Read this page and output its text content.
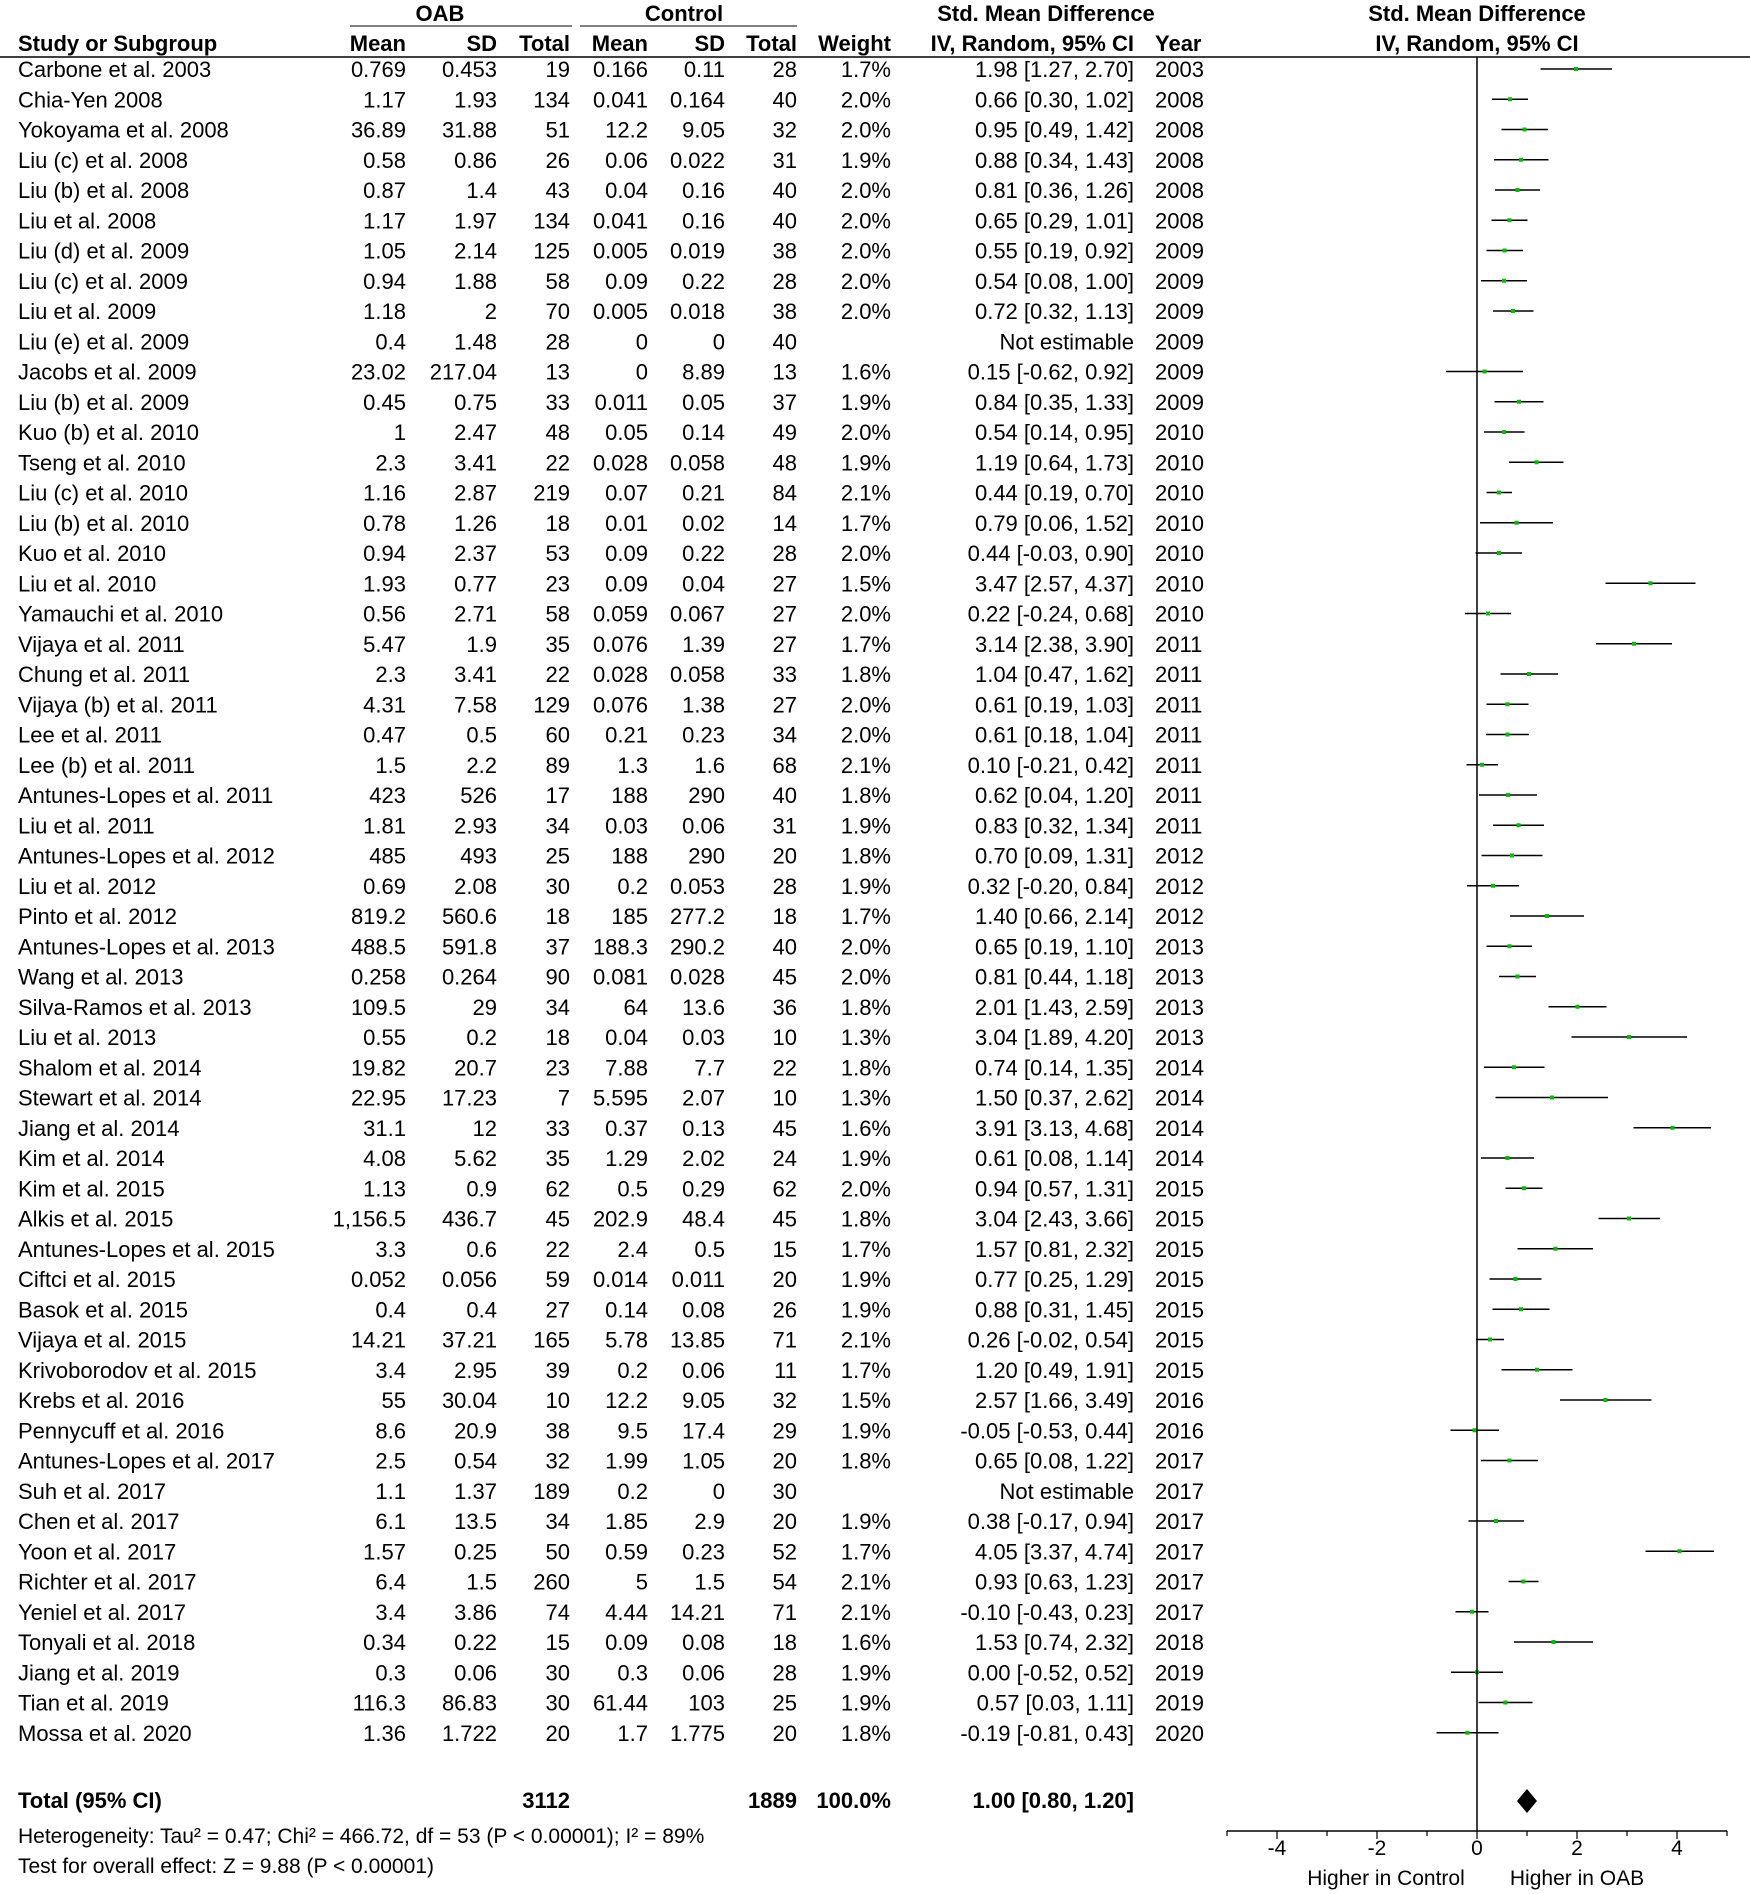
OAB	Control	Std. Mean Difference	Std. Mean Difference
Study or Subgroup	Mean	SD Total Mean SD Total Weight IV, Random, 95% CI Year	IV, Random, 95% CI
Carbone et al. 2003	0.769 0.453 19 0.166 0.11 28 1.7%	1.98 [1.27, 2.70] 2003
Chia-Yen 2008	1.17 1.93 134 0.041 0.164 40 2.0%	0.66 [0.30, 1.02] 2008
Yokoyama et al. 2008	36.89 31.88 51 12.2 9.05 32 2.0%	0.95 [0.49, 1.42] 2008
Liu (c) et al. 2008	0.58 0.86 26 0.06 0.022 31 1.9%	0.88 [0.34, 1.43] 2008
Liu (b) et al. 2008	0.87	1.4 43 0.04 0.16 40 2.0%	0.81 [0.36, 1.26] 2008
Liu et al. 2008	1.17 1.97 134 0.041 0.16 40 2.0%	0.65 [0.29, 1.01] 2008
Liu (d) et al. 2009	1.05 2.14 125 0.005 0.019 38 2.0%	0.55 [0.19, 0.92] 2009
Liu (c) et al. 2009	0.94 1.88 58 0.09 0.22 28 2.0%	0.54 [0.08, 1.00] 2009
Liu et al. 2009	1.18	2 70 0.005 0.018 38 2.0%	0.72 [0.32, 1.13] 2009
Liu (e) et al. 2009	0.4 1.48 28	0	0 40	Not estimable 2009
Jacobs et al. 2009	23.02 217.04 13	0 8.89 13 1.6%	0.15 [-0.62, 0.92] 2009
Liu (b) et al. 2009	0.45 0.75 33 0.011 0.05 37 1.9%	0.84 [0.35, 1.33] 2009
Kuo (b) et al. 2010	1 2.47 48 0.05 0.14 49 2.0%	0.54 [0.14, 0.95] 2010
Tseng et al. 2010	2.3 3.41 22 0.028 0.058 48 1.9%	1.19 [0.64, 1.73] 2010
Liu (c) et al. 2010	1.16 2.87 219 0.07 0.21 84 2.1%	0.44 [0.19, 0.70] 2010
Liu (b) et al. 2010	0.78 1.26 18 0.01 0.02 14 1.7%	0.79 [0.06, 1.52] 2010
Kuo et al. 2010	0.94 2.37 53 0.09 0.22 28 2.0%	0.44 [-0.03, 0.90] 2010
Liu et al. 2010	1.93 0.77 23 0.09 0.04 27 1.5%	3.47 [2.57, 4.37] 2010
Yamauchi et al. 2010	0.56 2.71 58 0.059 0.067 27 2.0%	0.22 [-0.24, 0.68] 2010
Vijaya et al. 2011	5.47	1.9 35 0.076 1.39 27 1.7%	3.14 [2.38, 3.90] 2011
Chung et al. 2011	2.3 3.41 22 0.028 0.058 33 1.8%	1.04 [0.47, 1.62] 2011
Vijaya (b) et al. 2011	4.31 7.58 129 0.076 1.38 27 2.0%	0.61 [0.19, 1.03] 2011
Lee et al. 2011	0.47	0.5 60 0.21 0.23 34 2.0%	0.61 [0.18, 1.04] 2011
Lee (b) et al. 2011	1.5	2.2 89 1.3 1.6 68 2.1%	0.10 [-0.21, 0.42] 2011
Antunes-Lopes et al. 2011	423 526 17 188 290 40 1.8%	0.62 [0.04, 1.20] 2011
Liu et al. 2011	1.81 2.93 34 0.03 0.06 31 1.9%	0.83 [0.32, 1.34] 2011
Antunes-Lopes et al. 2012	485 493 25 188 290 20 1.8%	0.70 [0.09, 1.31] 2012
Liu et al. 2012	0.69 2.08 30 0.2 0.053 28 1.9%	0.32 [-0.20, 0.84] 2012
Pinto et al. 2012	819.2 560.6 18 185 277.2 18 1.7%	1.40 [0.66, 2.14] 2012
Antunes-Lopes et al. 2013	488.5 591.8 37 188.3 290.2 40 2.0%	0.65 [0.19, 1.10] 2013
Wang et al. 2013	0.258 0.264 90 0.081 0.028 45 2.0%	0.81 [0.44, 1.18] 2013
Silva-Ramos et al. 2013	109.5	29 34 64 13.6 36 1.8%	2.01 [1.43, 2.59] 2013
Liu et al. 2013	0.55	0.2 18 0.04 0.03 10 1.3%	3.04 [1.89, 4.20] 2013
Shalom et al. 2014	19.82 20.7 23 7.88 7.7 22 1.8%	0.74 [0.14, 1.35] 2014
Stewart et al. 2014	22.95 17.23	7 5.595 2.07 10 1.3%	1.50 [0.37, 2.62] 2014
Jiang et al. 2014	31.1	12 33 0.37 0.13 45 1.6%	3.91 [3.13, 4.68] 2014
Kim et al. 2014	4.08 5.62 35 1.29 2.02 24 1.9%	0.61 [0.08, 1.14] 2014
Kim et al. 2015	1.13	0.9 62 0.5 0.29 62 2.0%	0.94 [0.57, 1.31] 2015
Alkis et al. 2015	1,156.5 436.7 45 202.9 48.4 45 1.8%	3.04 [2.43, 3.66] 2015
Antunes-Lopes et al. 2015	3.3	0.6 22 2.4 0.5 15 1.7%	1.57 [0.81, 2.32] 2015
Ciftci et al. 2015	0.052 0.056 59 0.014 0.011 20 1.9%	0.77 [0.25, 1.29] 2015
Basok et al. 2015	0.4	0.4 27 0.14 0.08 26 1.9%	0.88 [0.31, 1.45] 2015
Vijaya et al. 2015	14.21 37.21 165 5.78 13.85 71 2.1%	0.26 [-0.02, 0.54] 2015
Krivoborodov et al. 2015	3.4 2.95 39 0.2 0.06 11 1.7%	1.20 [0.49, 1.91] 2015
Krebs et al. 2016	55 30.04 10 12.2 9.05 32 1.5%	2.57 [1.66, 3.49] 2016
Pennycuff et al. 2016	8.6 20.9 38 9.5 17.4 29 1.9%	-0.05 [-0.53, 0.44] 2016
Antunes-Lopes et al. 2017	2.5 0.54 32 1.99 1.05 20 1.8%	0.65 [0.08, 1.22] 2017
Suh et al. 2017	1.1 1.37 189 0.2	0 30	Not estimable 2017
Chen et al. 2017	6.1 13.5 34 1.85 2.9 20 1.9%	0.38 [-0.17, 0.94] 2017
Yoon et al. 2017	1.57 0.25 50 0.59 0.23 52 1.7%	4.05 [3.37, 4.74] 2017
Richter et al. 2017	6.4	1.5 260	5 1.5 54 2.1%	0.93 [0.63, 1.23] 2017
Yeniel et al. 2017	3.4 3.86 74 4.44 14.21 71 2.1%	-0.10 [-0.43, 0.23] 2017
Tonyali et al. 2018	0.34 0.22 15 0.09 0.08 18 1.6%	1.53 [0.74, 2.32] 2018
Jiang et al. 2019	0.3 0.06 30 0.3 0.06 28 1.9%	0.00 [-0.52, 0.52] 2019
Tian et al. 2019	116.3 86.83 30 61.44 103 25 1.9%	0.57 [0.03, 1.11] 2019
Mossa et al. 2020	1.36 1.722 20 1.7 1.775 20 1.8%	-0.19 [-0.81, 0.43] 2020
Total (95% CI)	3112	1889 100.0%	1.00 [0.80, 1.20]
Heterogeneity: Tau² = 0.47; Chi² = 466.72, df = 53 (P < 0.00001); I² = 89%
Test for overall effect: Z = 9.88 (P < 0.00001)
-4	-2	0	2	4
Higher in Control Higher in OAB
